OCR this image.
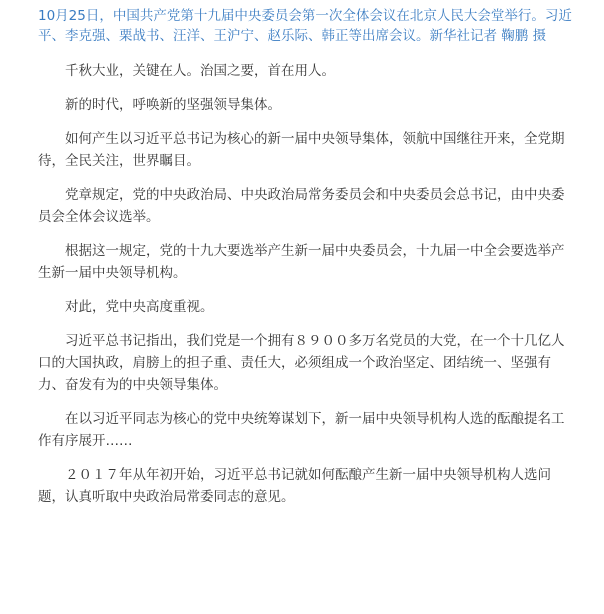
10月25日，中国共产党第十九届中央委员会第一次全体会议在北京人民大会堂举行。习近平、李克强、栗战书、汪洋、王沪宁、赵乐际、韩正等出席会议。新华社记者 鞠鹏 摄

千秋大业，关键在人。治国之要，首在用人。

新的时代，呼唤新的坚强领导集体。

如何产生以习近平总书记为核心的新一届中央领导集体，领航中国继往开来，全党期待，全民关注，世界瞩目。

党章规定，党的中央政治局、中央政治局常务委员会和中央委员会总书记，由中央委员会全体会议选举。

根据这一规定，党的十九大要选举产生新一届中央委员会，十九届一中全会要选举产生新一届中央领导机构。

对此，党中央高度重视。

习近平总书记指出，我们党是一个拥有８９００多万名党员的大党，在一个十几亿人口的大国执政，肩膀上的担子重、责任大，必须组成一个政治坚定、团结统一、坚强有力、奋发有为的中央领导集体。

在以习近平同志为核心的党中央统筹谋划下，新一届中央领导机构人选的酝酿提名工作有序展开……

２０１７年从年初开始，习近平总书记就如何酝酿产生新一届中央领导机构人选问题，认真听取中央政治局常委同志的意见。
